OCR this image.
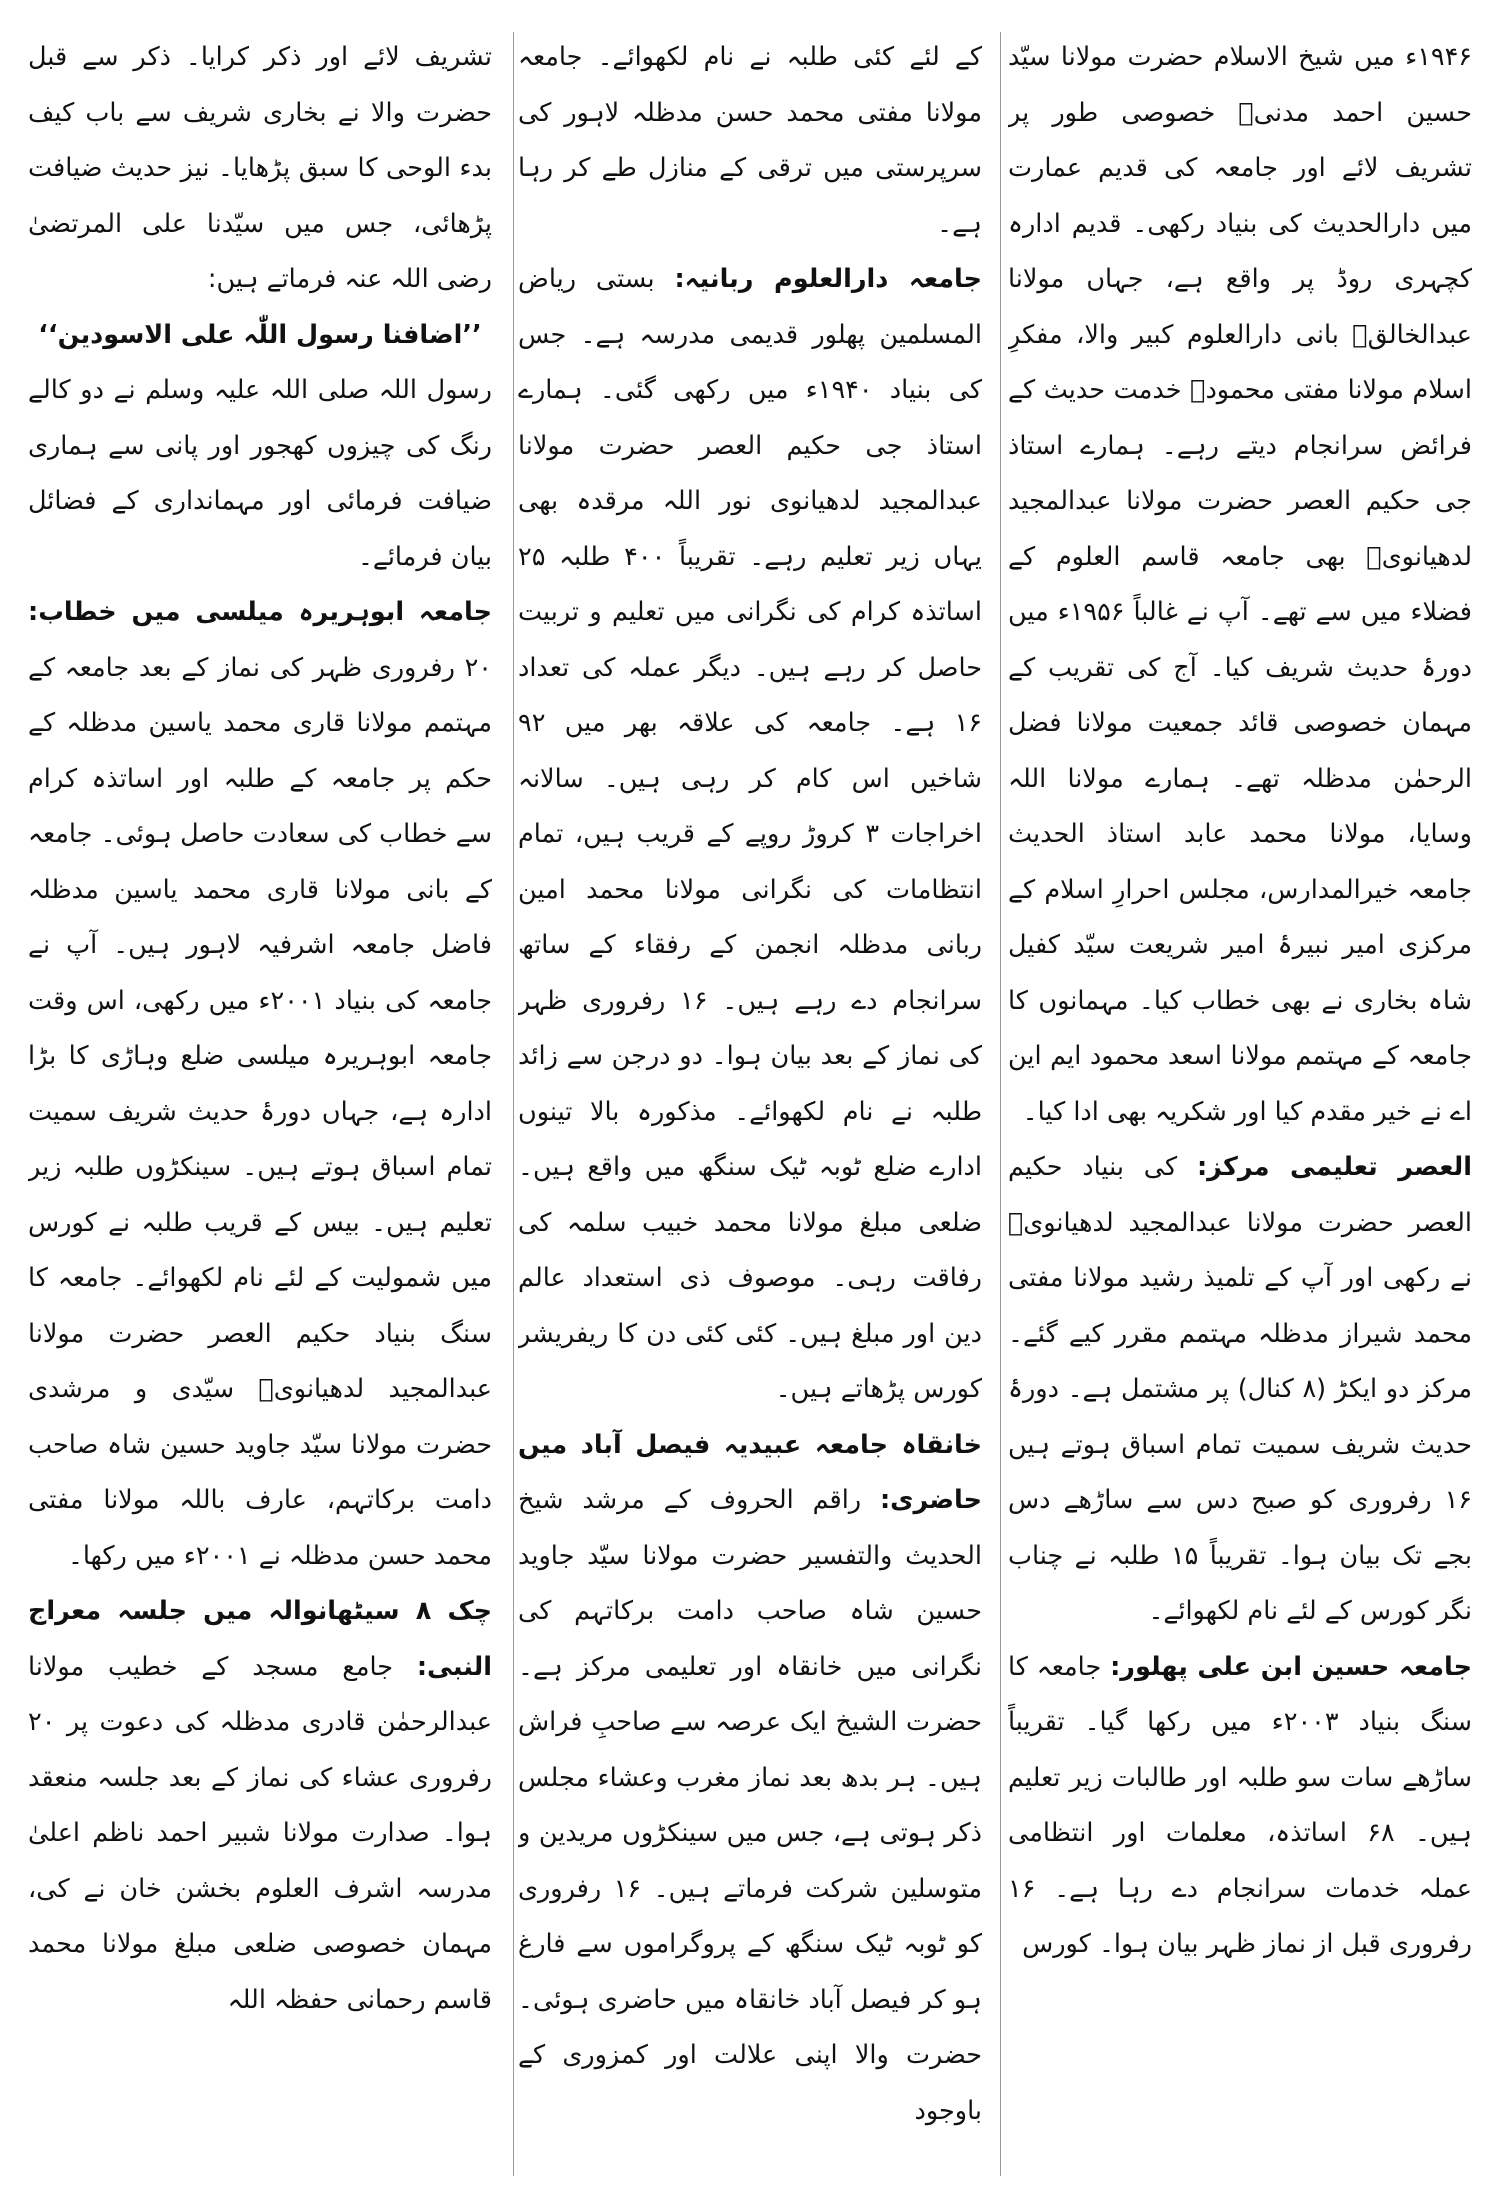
۱۹۴۶ء میں شیخ الاسلام حضرت مولانا سیّد حسین احمد مدنیؒ خصوصی طور پر تشریف لائے اور جامعہ کی قدیم عمارت میں دارالحدیث کی بنیاد رکھی۔ قدیم ادارہ کچہری روڈ پر واقع ہے، جہاں مولانا عبدالخالقؒ بانی دارالعلوم کبیر والا، مفکرِ اسلام مولانا مفتی محمودؒ خدمت حدیث کے فرائض سرانجام دیتے رہے۔ ہمارے استاذ جی حکیم العصر حضرت مولانا عبدالمجید لدھیانویؒ بھی جامعہ قاسم العلوم کے فضلاء میں سے تھے۔ آپ نے غالباً ۱۹۵۶ء میں دورۂ حدیث شریف کیا۔ آج کی تقریب کے مہمان خصوصی قائد جمعیت مولانا فضل الرحمٰن مدظلہ تھے۔ ہمارے مولانا اللہ وسایا، مولانا محمد عابد استاذ الحدیث جامعہ خیرالمدارس، مجلس احرارِ اسلام کے مرکزی امیر نبیرۂ امیر شریعت سیّد کفیل شاہ بخاری نے بھی خطاب کیا۔ مہمانوں کا جامعہ کے مہتمم مولانا اسعد محمود ایم این اے نے خیر مقدم کیا اور شکریہ بھی ادا کیا۔

العصر تعلیمی مرکز: کی بنیاد حکیم العصر حضرت مولانا عبدالمجید لدھیانویؒ نے رکھی اور آپ کے تلمیذ رشید مولانا مفتی محمد شیراز مدظلہ مہتمم مقرر کیے گئے۔ مرکز دو ایکڑ (۸ کنال) پر مشتمل ہے۔ دورۂ حدیث شریف سمیت تمام اسباق ہوتے ہیں ۱۶ رفروری کو صبح دس سے ساڑھے دس بجے تک بیان ہوا۔ تقریباً ۱۵ طلبہ نے چناب نگر کورس کے لئے نام لکھوائے۔

جامعہ حسین ابن علی پھلور: جامعہ کا سنگ بنیاد ۲۰۰۳ء میں رکھا گیا۔ تقریباً ساڑھے سات سو طلبہ اور طالبات زیر تعلیم ہیں۔ ۶۸ اساتذہ، معلمات اور انتظامی عملہ خدمات سرانجام دے رہا ہے۔ ۱۶ رفروری قبل از نماز ظہر بیان ہوا۔ کورس

کے لئے کئی طلبہ نے نام لکھوائے۔ جامعہ مولانا مفتی محمد حسن مدظلہ لاہور کی سرپرستی میں ترقی کے منازل طے کر رہا ہے۔

جامعہ دارالعلوم ربانیہ: بستی ریاض المسلمین پھلور قدیمی مدرسہ ہے۔ جس کی بنیاد ۱۹۴۰ء میں رکھی گئی۔ ہمارے استاذ جی حکیم العصر حضرت مولانا عبدالمجید لدھیانوی نور اللہ مرقدہ بھی یہاں زیر تعلیم رہے۔ تقریباً ۴۰۰ طلبہ ۲۵ اساتذہ کرام کی نگرانی میں تعلیم و تربیت حاصل کر رہے ہیں۔ دیگر عملہ کی تعداد ۱۶ ہے۔ جامعہ کی علاقہ بھر میں ۹۲ شاخیں اس کام کر رہی ہیں۔ سالانہ اخراجات ۳ کروڑ روپے کے قریب ہیں، تمام انتظامات کی نگرانی مولانا محمد امین ربانی مدظلہ انجمن کے رفقاء کے ساتھ سرانجام دے رہے ہیں۔ ۱۶ رفروری ظہر کی نماز کے بعد بیان ہوا۔ دو درجن سے زائد طلبہ نے نام لکھوائے۔ مذکورہ بالا تینوں ادارے ضلع ٹوبہ ٹیک سنگھ میں واقع ہیں۔ ضلعی مبلغ مولانا محمد خبیب سلمہ کی رفاقت رہی۔ موصوف ذی استعداد عالم دین اور مبلغ ہیں۔ کئی کئی دن کا ریفریشر کورس پڑھاتے ہیں۔

خانقاہ جامعہ عبیدیہ فیصل آباد میں حاضری: راقم الحروف کے مرشد شیخ الحدیث والتفسیر حضرت مولانا سیّد جاوید حسین شاہ صاحب دامت برکاتہم کی نگرانی میں خانقاہ اور تعلیمی مرکز ہے۔ حضرت الشیخ ایک عرصہ سے صاحبِ فراش ہیں۔ ہر بدھ بعد نماز مغرب وعشاء مجلس ذکر ہوتی ہے، جس میں سینکڑوں مریدین و متوسلین شرکت فرماتے ہیں۔ ۱۶ رفروری کو ٹوبہ ٹیک سنگھ کے پروگراموں سے فارغ ہو کر فیصل آباد خانقاہ میں حاضری ہوئی۔ حضرت والا اپنی علالت اور کمزوری کے باوجود

تشریف لائے اور ذکر کرایا۔ ذکر سے قبل حضرت والا نے بخاری شریف سے باب کیف بدء الوحی کا سبق پڑھایا۔ نیز حدیث ضیافت پڑھائی، جس میں سیّدنا علی المرتضیٰ رضی اللہ عنہ فرماتے ہیں:

’’اضافنا رسول اللّٰہ علی الاسودین‘‘

رسول اللہ صلی اللہ علیہ وسلم نے دو کالے رنگ کی چیزوں کھجور اور پانی سے ہماری ضیافت فرمائی اور مہمانداری کے فضائل بیان فرمائے۔

جامعہ ابوہریرہ میلسی میں خطاب: ۲۰ رفروری ظہر کی نماز کے بعد جامعہ کے مہتمم مولانا قاری محمد یاسین مدظلہ کے حکم پر جامعہ کے طلبہ اور اساتذہ کرام سے خطاب کی سعادت حاصل ہوئی۔ جامعہ کے بانی مولانا قاری محمد یاسین مدظلہ فاضل جامعہ اشرفیہ لاہور ہیں۔ آپ نے جامعہ کی بنیاد ۲۰۰۱ء میں رکھی، اس وقت جامعہ ابوہریرہ میلسی ضلع وہاڑی کا بڑا ادارہ ہے، جہاں دورۂ حدیث شریف سمیت تمام اسباق ہوتے ہیں۔ سینکڑوں طلبہ زیر تعلیم ہیں۔ بیس کے قریب طلبہ نے کورس میں شمولیت کے لئے نام لکھوائے۔ جامعہ کا سنگ بنیاد حکیم العصر حضرت مولانا عبدالمجید لدھیانویؒ سیّدی و مرشدی حضرت مولانا سیّد جاوید حسین شاہ صاحب دامت برکاتہم، عارف باللہ مولانا مفتی محمد حسن مدظلہ نے ۲۰۰۱ء میں رکھا۔

چک ۸ سیٹھانوالہ میں جلسہ معراج النبی: جامع مسجد کے خطیب مولانا عبدالرحمٰن قادری مدظلہ کی دعوت پر ۲۰ رفروری عشاء کی نماز کے بعد جلسہ منعقد ہوا۔ صدارت مولانا شبیر احمد ناظم اعلیٰ مدرسہ اشرف العلوم بخشن خان نے کی، مہمان خصوصی ضلعی مبلغ مولانا محمد قاسم رحمانی حفظہ اللہ
